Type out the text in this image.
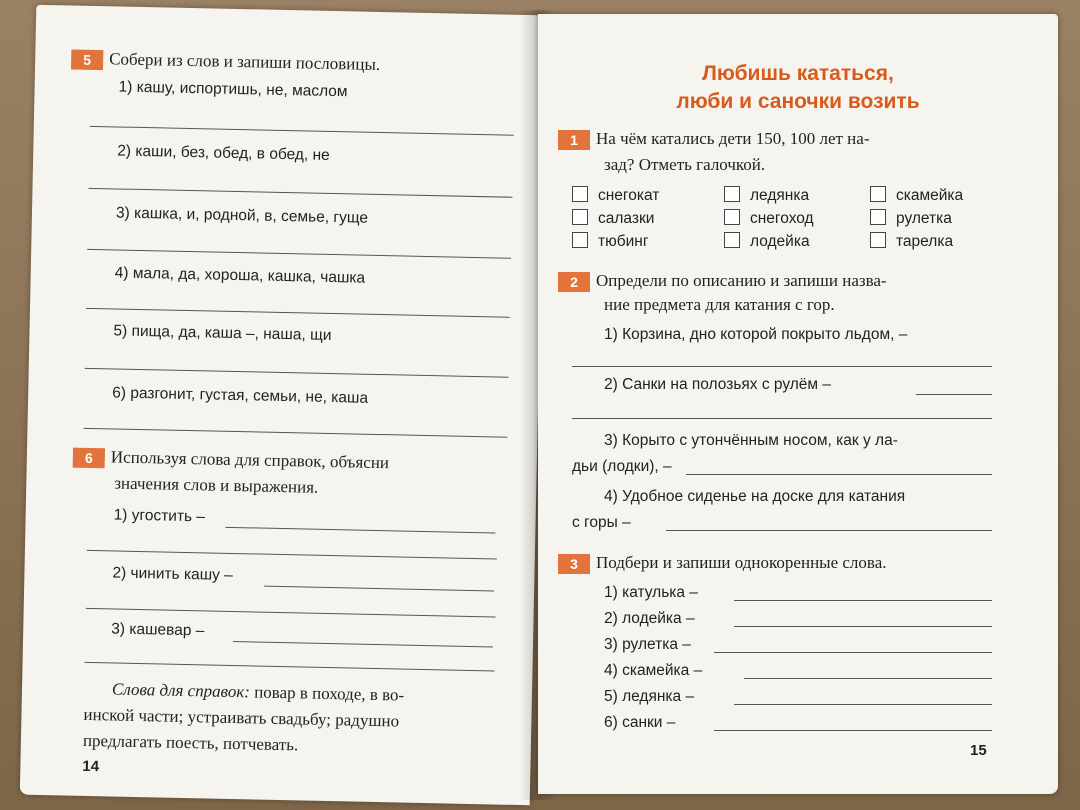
5 Собери из слов и запиши пословицы.
1) кашу, испортишь, не, маслом
2) каши, без, обед, в обед, не
3) кашка, и, родной, в, семье, гуще
4) мала, да, хороша, кашка, чашка
5) пища, да, каша –, наша, щи
6) разгонит, густая, семьи, не, каша
6 Используя слова для справок, объясни
значения слов и выражения.
1) угостить –
2) чинить кашу –
3) кашевар –
Слова для справок: повар в походе, в во-
инской части; устраивать свадьбу; радушно
предлагать поесть, потчевать.
14
Любишь кататься,
люби и саночки возить
1 На чём катались дети 150, 100 лет на-
зад? Отметь галочкой.
снегокат	ледянка	скамейка
салазки	снегоход	рулетка
тюбинг	лодейка	тарелка
2 Определи по описанию и запиши назва-
ние предмета для катания с гор.
1) Корзина, дно которой покрыто льдом, –
2) Санки на полозьях с рулём –
3) Корыто с утончённым носом, как у ла-
дьи (лодки), –
4) Удобное сиденье на доске для катания
с горы –
3 Подбери и запиши однокоренные слова.
1) катулька –
2) лодейка –
3) рулетка –
4) скамейка –
5) ледянка –
6) санки –
15
